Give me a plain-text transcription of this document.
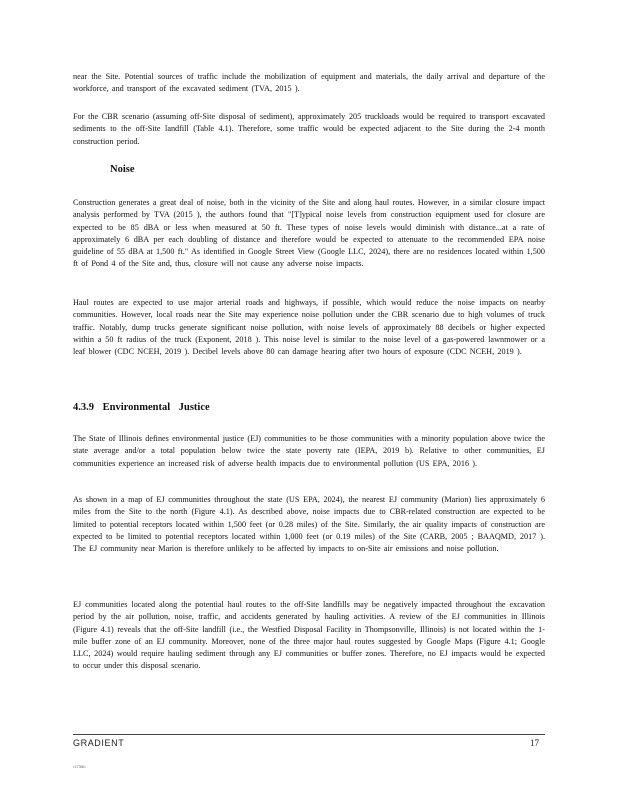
near the Site. Potential sources of traffic include the mobilization of equipment and materials, the daily arrival and departure of the workforce, and transport of the excavated sediment (TVA, 2015 ).

For the CBR scenario (assuming off-Site disposal of sediment), approximately 205 truckloads would be required to transport excavated sediments to the off-Site landfill (Table 4.1). Therefore, some traffic would be expected adjacent to the Site during the 2-4 month construction period.

Noise

Construction generates a great deal of noise, both in the vicinity of the Site and along haul routes. However, in a similar closure impact analysis performed by TVA (2015 ), the authors found that "[T]ypical noise levels from construction equipment used for closure are expected to be 85 dBA or less when measured at 50 ft. These types of noise levels would diminish with distance...at a rate of approximately 6 dBA per each doubling of distance and therefore would be expected to attenuate to the recommended EPA noise guideline of 55 dBA at 1,500 ft." As identified in Google Street View (Google LLC, 2024), there are no residences located within 1,500 ft of Pond 4 of the Site and, thus, closure will not cause any adverse noise impacts.

Haul routes are expected to use major arterial roads and highways, if possible, which would reduce the noise impacts on nearby communities. However, local roads near the Site may experience noise pollution under the CBR scenario due to high volumes of truck traffic. Notably, dump trucks generate significant noise pollution, with noise levels of approximately 88 decibels or higher expected within a 50 ft radius of the truck (Exponent, 2018 ). This noise level is similar to the noise level of a gas-powered lawnmower or a leaf blower (CDC NCEH, 2019 ). Decibel levels above 80 can damage hearing after two hours of exposure (CDC NCEH, 2019 ).

4.3.9 Environmental Justice

The State of Illinois defines environmental justice (EJ) communities to be those communities with a minority population above twice the state average and/or a total population below twice the state poverty rate (IEPA, 2019 b). Relative to other communities, EJ communities experience an increased risk of adverse health impacts due to environmental pollution (US EPA, 2016 ).

As shown in a map of EJ communities throughout the state (US EPA, 2024), the nearest EJ community (Marion) lies approximately 6 miles from the Site to the north (Figure 4.1). As described above, noise impacts due to CBR-related construction are expected to be limited to potential receptors located within 1,500 feet (or 0.28 miles) of the Site. Similarly, the air quality impacts of construction are expected to be limited to potential receptors located within 1,000 feet (or 0.19 miles) of the Site (CARB, 2005 ; BAAQMD, 2017 ). The EJ community near Marion is therefore unlikely to be affected by impacts to on-Site air emissions and noise pollution.

EJ communities located along the potential haul routes to the off-Site landfills may be negatively impacted throughout the excavation period by the air pollution, noise, traffic, and accidents generated by hauling activities. A review of the EJ communities in Illinois (Figure 4.1) reveals that the off-Site landfill (i.e., the Westfied Disposal Facility in Thompsonville, Illinois) is not located within the 1-mile buffer zone of an EJ community. Moreover, none of the three major haul routes suggested by Google Maps (Figure 4.1; Google LLC, 2024) would require hauling sediment through any EJ communities or buffer zones. Therefore, no EJ impacts would be expected to occur under this disposal scenario.

GRADIENT	17
r1735h
